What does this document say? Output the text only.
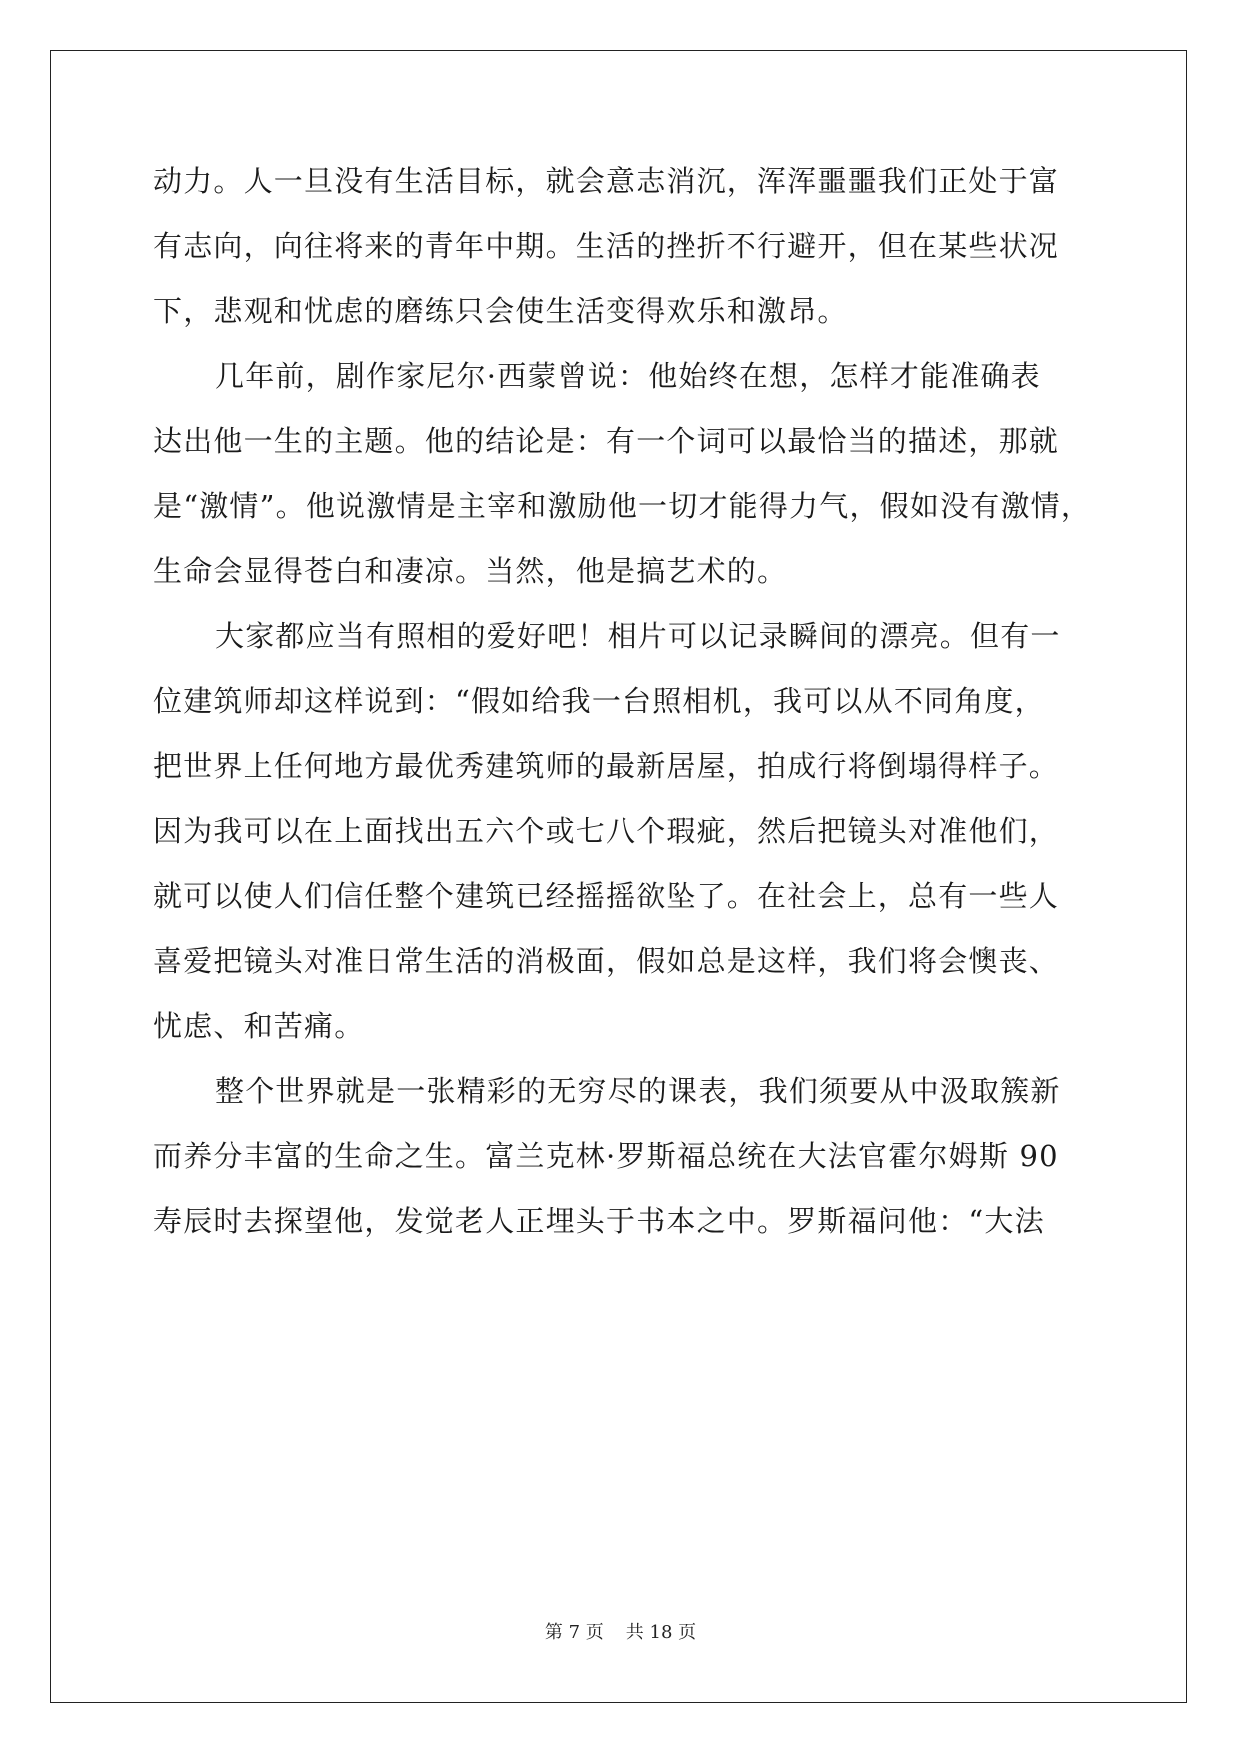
动力。人一旦没有生活目标，就会意志消沉，浑浑噩噩我们正处于富
有志向，向往将来的青年中期。生活的挫折不行避开，但在某些状况
下，悲观和忧虑的磨练只会使生活变得欢乐和激昂。
几年前，剧作家尼尔·西蒙曾说：他始终在想，怎样才能准确表
达出他一生的主题。他的结论是：有一个词可以最恰当的描述，那就
是“激情”。他说激情是主宰和激励他一切才能得力气，假如没有激情，
生命会显得苍白和凄凉。当然，他是搞艺术的。
大家都应当有照相的爱好吧！相片可以记录瞬间的漂亮。但有一
位建筑师却这样说到：“假如给我一台照相机，我可以从不同角度，
把世界上任何地方最优秀建筑师的最新居屋，拍成行将倒塌得样子。
因为我可以在上面找出五六个或七八个瑕疵，然后把镜头对准他们，
就可以使人们信任整个建筑已经摇摇欲坠了。在社会上，总有一些人
喜爱把镜头对准日常生活的消极面，假如总是这样，我们将会懊丧、
忧虑、和苦痛。
整个世界就是一张精彩的无穷尽的课表，我们须要从中汲取簇新
而养分丰富的生命之生。富兰克林·罗斯福总统在大法官霍尔姆斯 90
寿辰时去探望他，发觉老人正埋头于书本之中。罗斯福问他：“大法
第 7 页 共 18 页
